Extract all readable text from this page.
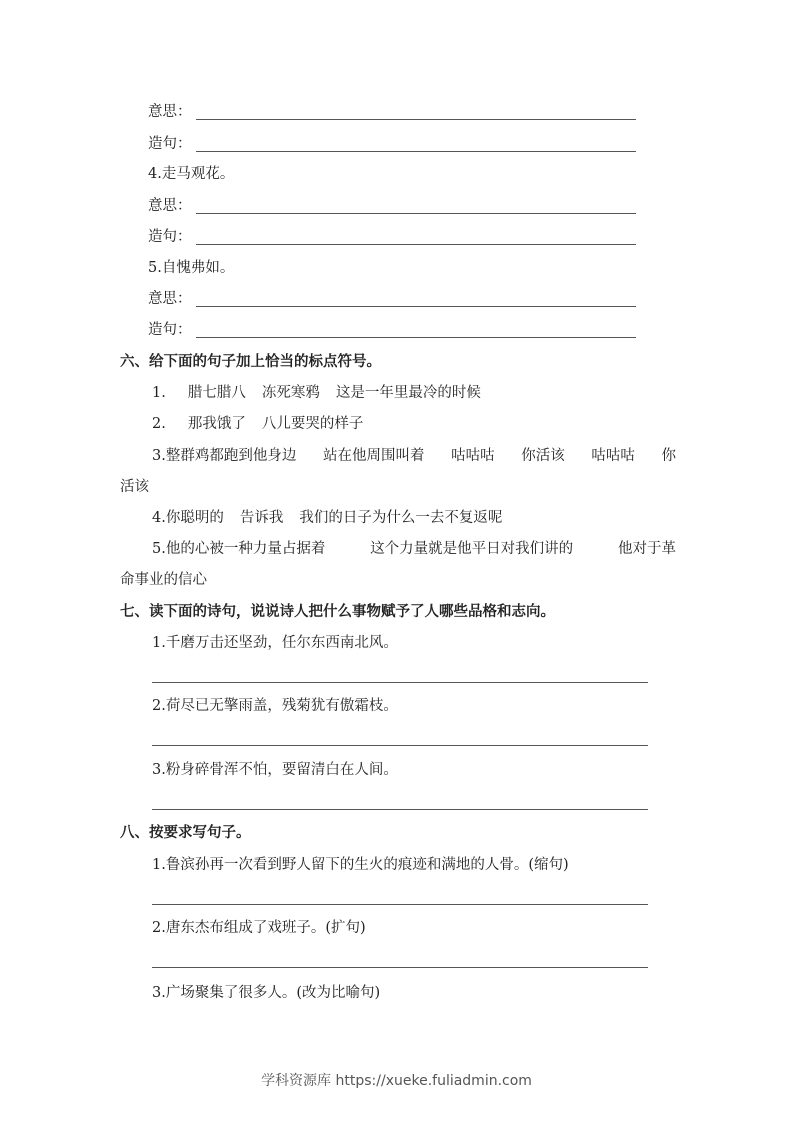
意思：
造句：
4.走马观花。
意思：
造句：
5.自愧弗如。
意思：
造句：
六、给下面的句子加上恰当的标点符号。
1. 腊七腊八 冻死寒鸦 这是一年里最冷的时候
2. 那我饿了 八儿要哭的样子
3.整群鸡都跑到他身边 站在他周围叫着 咕咕咕 你活该 咕咕咕 你
活该
4.你聪明的 告诉我 我们的日子为什么一去不复返呢
5.他的心被一种力量占据着	这个力量就是他平日对我们讲的	他对于革
命事业的信心
七、读下面的诗句，说说诗人把什么事物赋予了人哪些品格和志向。
1.千磨万击还坚劲，任尔东西南北风。
2.荷尽已无擎雨盖，残菊犹有傲霜枝。
3.粉身碎骨浑不怕，要留清白在人间。
八、按要求写句子。
1.鲁滨孙再一次看到野人留下的生火的痕迹和满地的人骨。(缩句)
2.唐东杰布组成了戏班子。(扩句)
3.广场聚集了很多人。(改为比喻句)
学科资源库 https://xueke.fuliadmin.com
